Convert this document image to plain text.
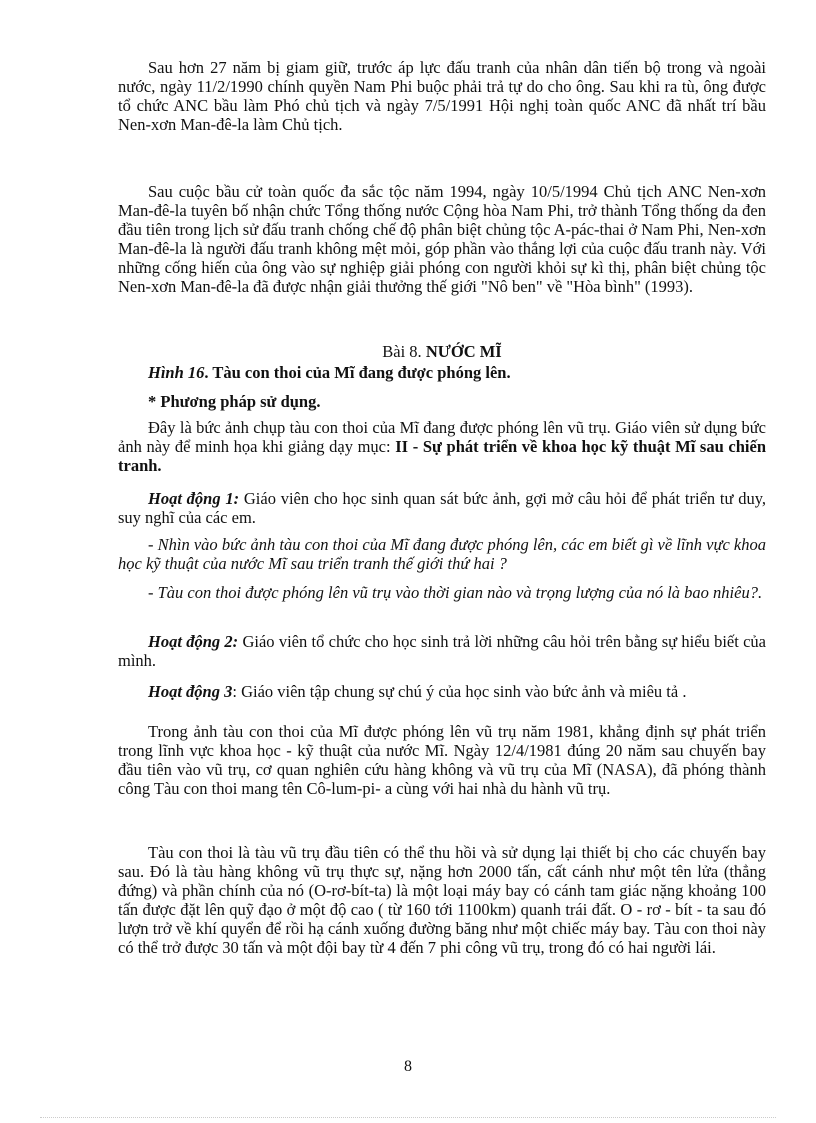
Sau hơn 27 năm bị giam giữ, trước áp lực đấu tranh của nhân dân tiến bộ trong và ngoài nước, ngày 11/2/1990 chính quyền Nam Phi buộc phải trả tự do cho ông. Sau khi ra tù, ông được tổ chức ANC bầu làm Phó chủ tịch và ngày 7/5/1991 Hội nghị toàn quốc ANC đã nhất trí bầu Nen-xơn Man-đê-la làm Chủ tịch.

Sau cuộc bầu cử toàn quốc đa sắc tộc năm 1994, ngày 10/5/1994 Chủ tịch ANC Nen-xơn Man-đê-la tuyên bố nhận chức Tổng thống nước Cộng hòa Nam Phi, trở thành Tổng thống da đen đầu tiên trong lịch sử đấu tranh chống chế độ phân biệt chủng tộc A-pác-thai ở Nam Phi, Nen-xơn Man-đê-la là người đấu tranh không mệt mỏi, góp phần vào thắng lợi của cuộc đấu tranh này. Với những cống hiến của ông vào sự nghiệp giải phóng con người khỏi sự kì thị, phân biệt chủng tộc Nen-xơn Man-đê-la đã được nhận giải thưởng thế giới "Nô ben" về "Hòa bình" (1993).

Bài 8. NƯỚC MĨ

Hình 16. Tàu con thoi của Mĩ đang được phóng lên.

* Phương pháp sử dụng.

Đây là bức ảnh chụp tàu con thoi của Mĩ đang được phóng lên vũ trụ. Giáo viên sử dụng bức ảnh này để minh họa khi giảng dạy mục: II - Sự phát triển về khoa học kỹ thuật Mĩ sau chiến tranh.

Hoạt động 1: Giáo viên cho học sinh quan sát bức ảnh, gợi mở câu hỏi để phát triển tư duy, suy nghĩ của các em.

- Nhìn vào bức ảnh tàu con thoi của Mĩ đang được phóng lên, các em biết gì về lĩnh vực khoa học kỹ thuật của nước Mĩ sau triển tranh thế giới thứ hai ?

- Tàu con thoi được phóng lên vũ trụ vào thời gian nào và trọng lượng của nó là bao nhiêu?.

Hoạt động 2: Giáo viên tổ chức cho học sinh trả lời những câu hỏi trên bằng sự hiểu biết của mình.

Hoạt động 3: Giáo viên tập chung sự chú ý của học sinh vào bức ảnh và miêu tả .

Trong ảnh tàu con thoi của Mĩ được phóng lên vũ trụ năm 1981, khẳng định sự phát triển trong lĩnh vực khoa học - kỹ thuật của nước Mĩ. Ngày 12/4/1981 đúng 20 năm sau chuyến bay đầu tiên vào vũ trụ, cơ quan nghiên cứu hàng không và vũ trụ của Mĩ (NASA), đã phóng thành công Tàu con thoi mang tên Cô-lum-pi- a cùng với hai nhà du hành vũ trụ.

Tàu con thoi là tàu vũ trụ đầu tiên có thể thu hồi và sử dụng lại thiết bị cho các chuyến bay sau. Đó là tàu hàng không vũ trụ thực sự, nặng hơn 2000 tấn, cất cánh như một tên lửa (thẳng đứng) và phần chính của nó (O-rơ-bít-ta) là một loại máy bay có cánh tam giác nặng khoảng 100 tấn được đặt lên quỹ đạo ở một độ cao ( từ 160 tới 1100km) quanh trái đất. O - rơ - bít - ta sau đó lượn trở về khí quyển để rồi hạ cánh xuống đường băng như một chiếc máy bay. Tàu con thoi này có thể trở được 30 tấn và một đội bay từ 4 đến 7 phi công vũ trụ, trong đó có hai người lái.

8
